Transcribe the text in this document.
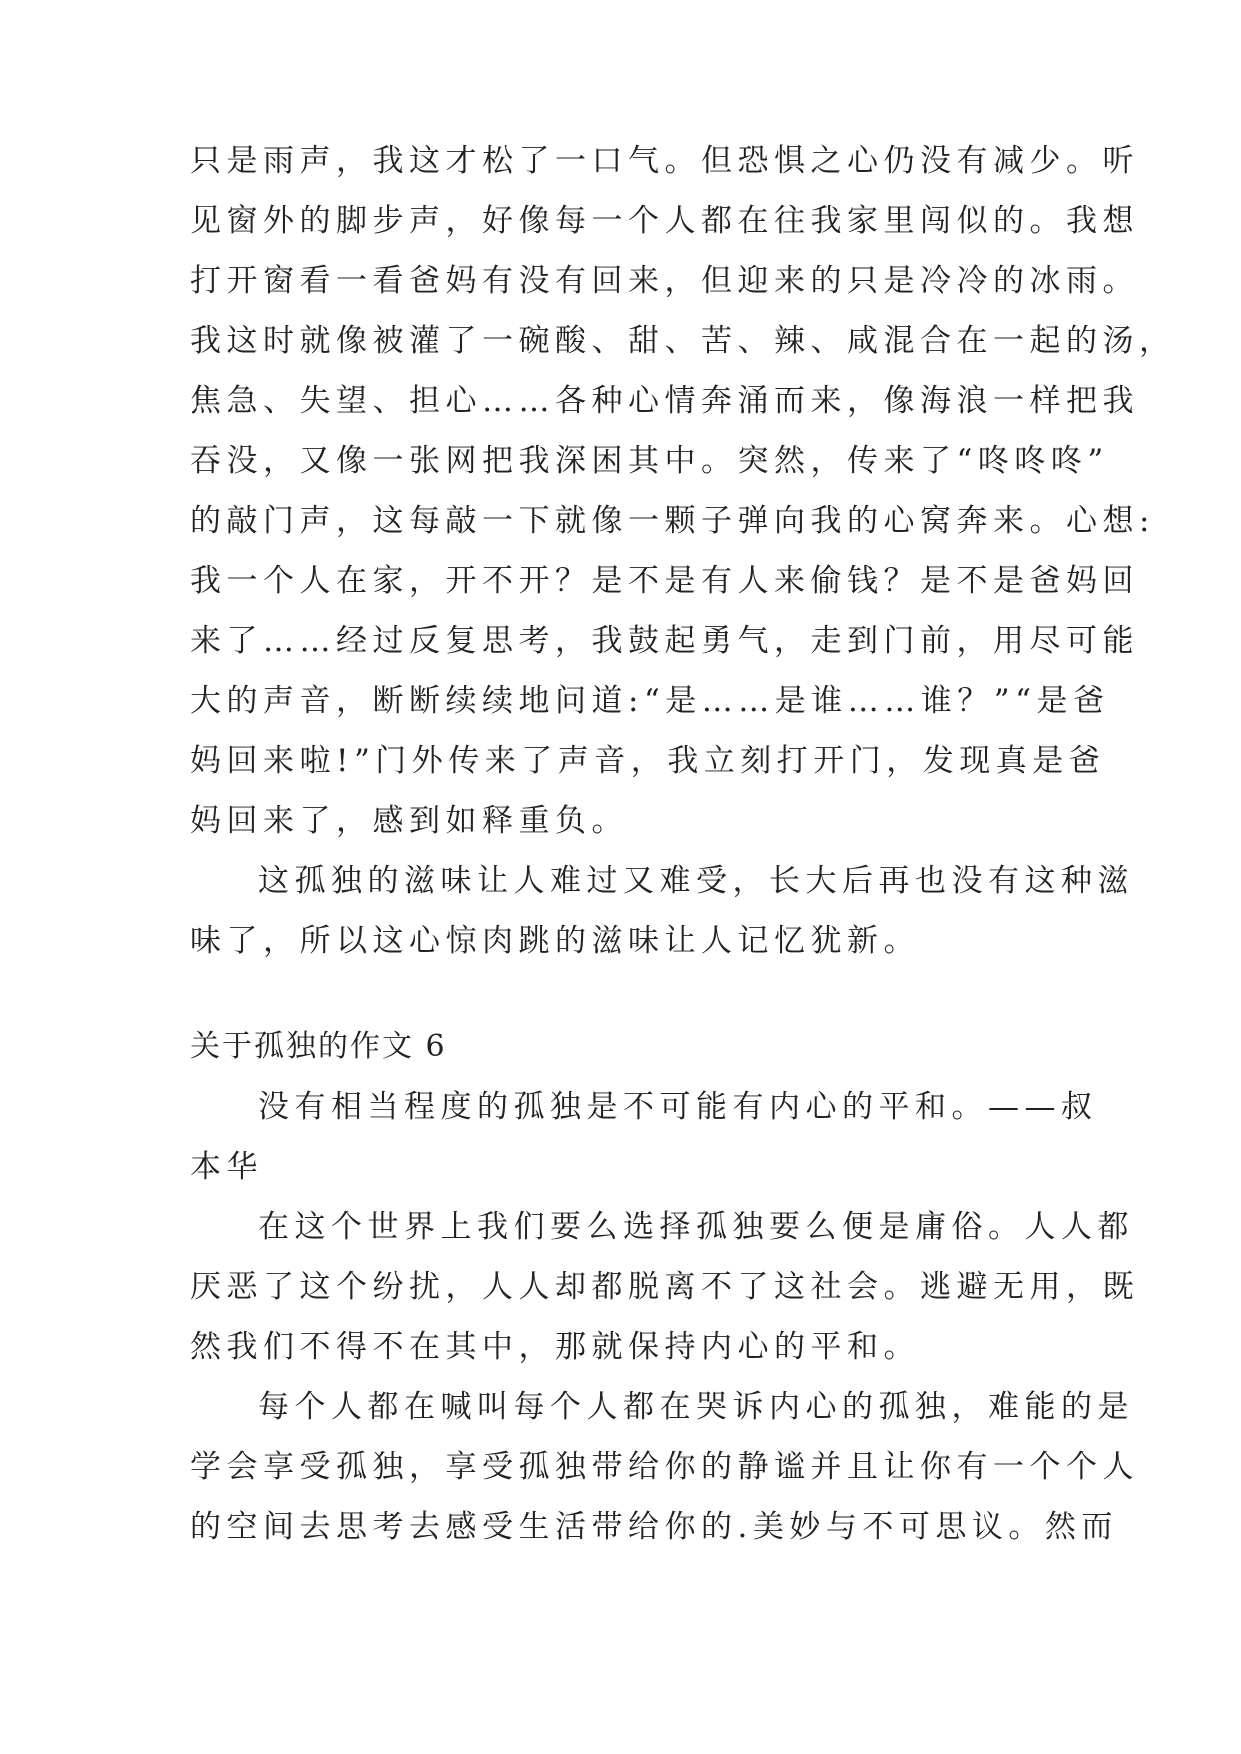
只是雨声，我这才松了一口气。但恐惧之心仍没有减少。听
见窗外的脚步声，好像每一个人都在往我家里闯似的。我想
打开窗看一看爸妈有没有回来，但迎来的只是冷冷的冰雨。
我这时就像被灌了一碗酸、甜、苦、辣、咸混合在一起的汤，
焦急、失望、担心……各种心情奔涌而来，像海浪一样把我
吞没，又像一张网把我深困其中。突然，传来了“咚咚咚”
的敲门声，这每敲一下就像一颗子弹向我的心窝奔来。心想:
我一个人在家，开不开？是不是有人来偷钱？是不是爸妈回
来了……经过反复思考，我鼓起勇气，走到门前，用尽可能
大的声音，断断续续地问道:“是……是谁……谁？”“是爸
妈回来啦!”门外传来了声音，我立刻打开门，发现真是爸
妈回来了，感到如释重负。
这孤独的滋味让人难过又难受，长大后再也没有这种滋
味了，所以这心惊肉跳的滋味让人记忆犹新。
关于孤独的作文 6
没有相当程度的孤独是不可能有内心的平和。——叔
本华
在这个世界上我们要么选择孤独要么便是庸俗。人人都
厌恶了这个纷扰，人人却都脱离不了这社会。逃避无用，既
然我们不得不在其中，那就保持内心的平和。
每个人都在喊叫每个人都在哭诉内心的孤独，难能的是
学会享受孤独，享受孤独带给你的静谧并且让你有一个个人
的空间去思考去感受生活带给你的.美妙与不可思议。然而
